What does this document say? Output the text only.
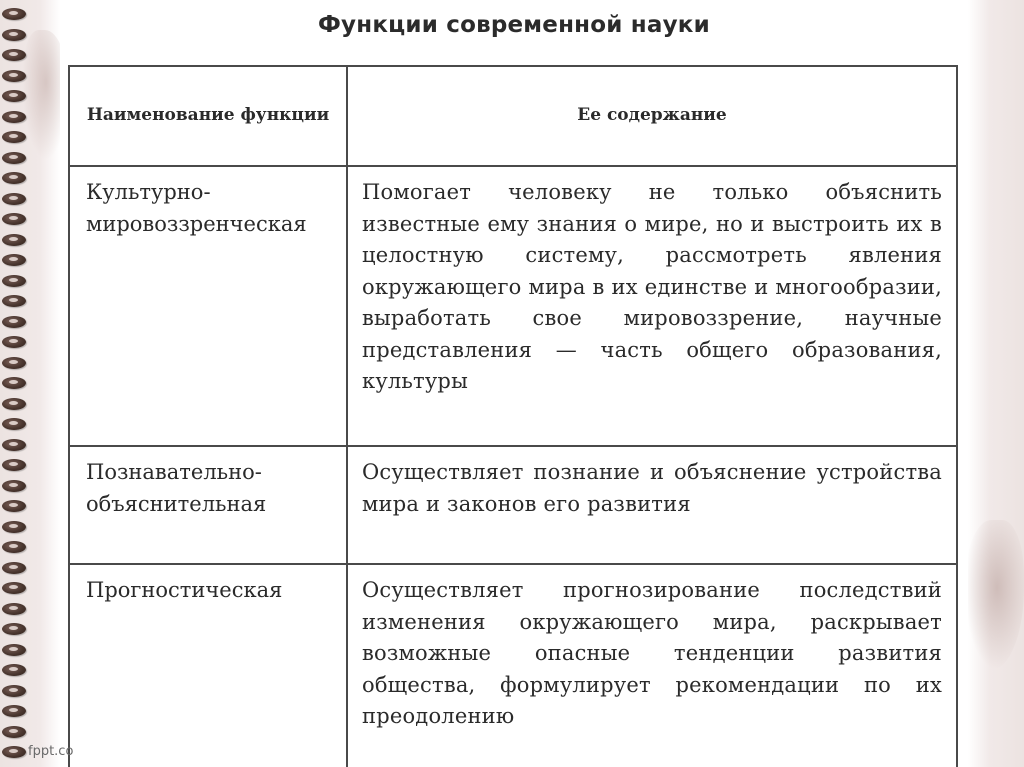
Функции современной науки
Наименование функции	Ее содержание
Культурно-мировоззренческая	Помогает человеку не только объяснить известные ему знания о мире, но и выстроить их в целостную систему, рассмотреть явления окружающего мира в их единстве и многообразии, выработать свое мировоззрение, научные представления — часть общего образования, культуры
Познавательно-объяснительная	Осуществляет познание и объяснение устройства мира и законов его развития
Прогностическая	Осуществляет прогнозирование последствий изменения окружающего мира, раскрывает возможные опасные тенденции развития общества, формулирует рекомендации по их преодолению
fppt.co
